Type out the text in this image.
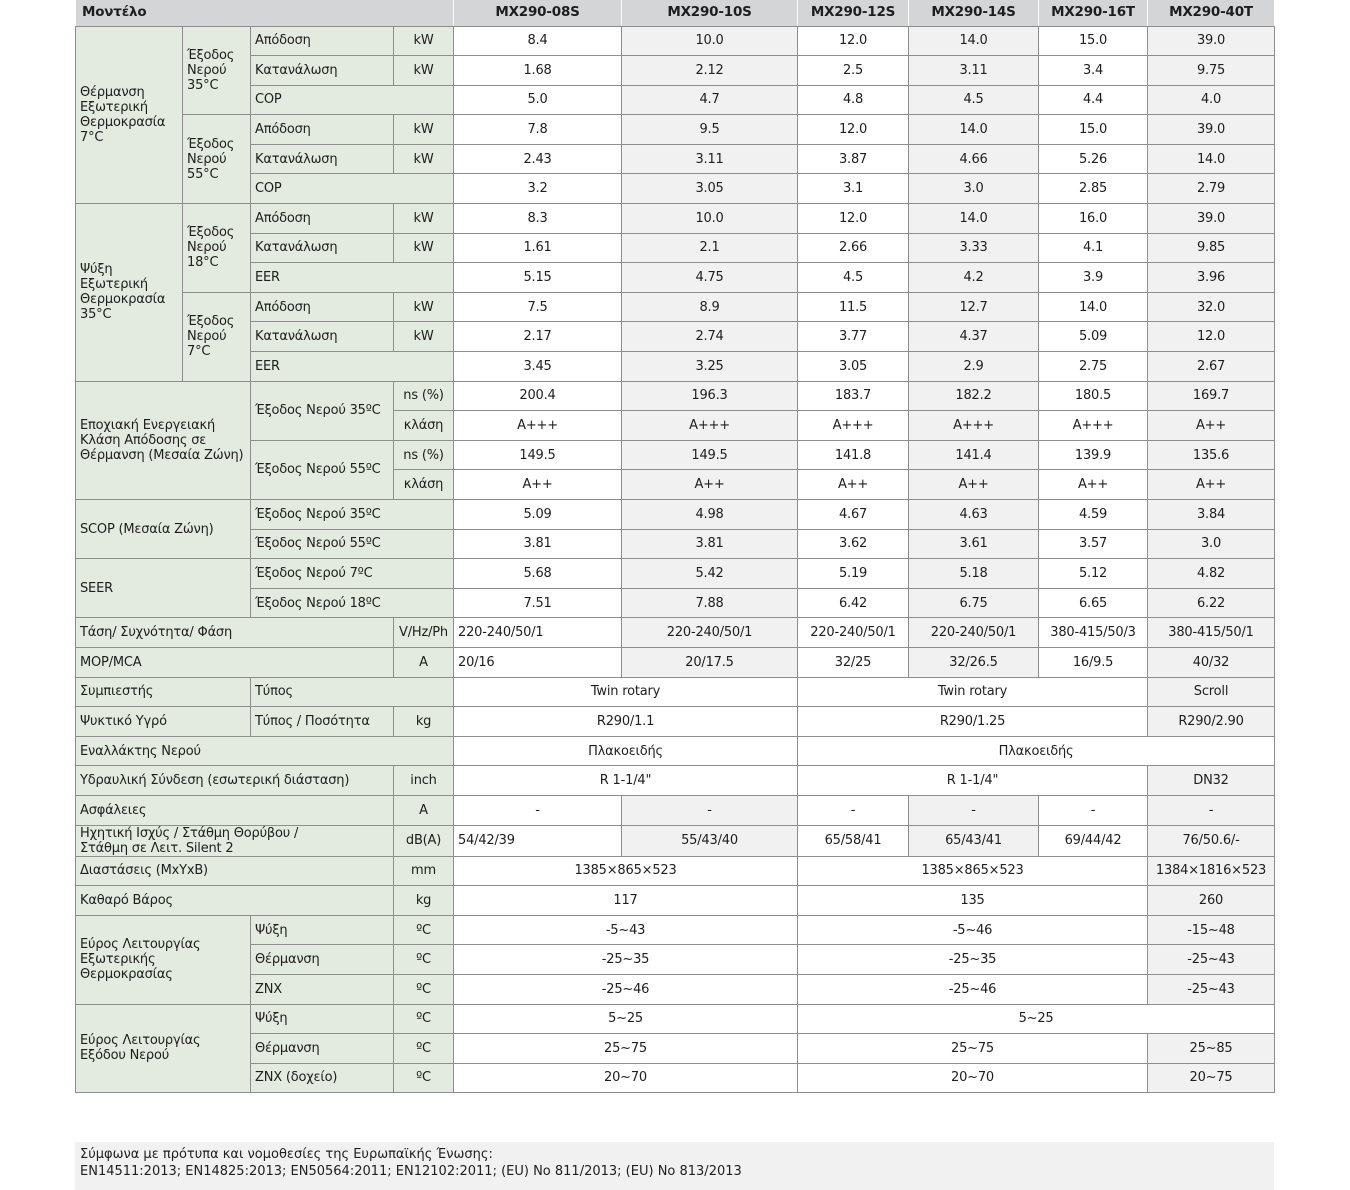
Μοντέλο				MX290-08S	MX290-10S	MX290-12S	MX290-14S	MX290-16T	MX290-40T
Θέρμανση Εξωτερική Θερμοκρασία 7°C	Έξοδος Νερού 35°C	Απόδοση	kW	8.4	10.0	12.0	14.0	15.0	39.0
		Κατανάλωση	kW	1.68	2.12	2.5	3.11	3.4	9.75
		COP		5.0	4.7	4.8	4.5	4.4	4.0
	Έξοδος Νερού 55°C	Απόδοση	kW	7.8	9.5	12.0	14.0	15.0	39.0
		Κατανάλωση	kW	2.43	3.11	3.87	4.66	5.26	14.0
		COP		3.2	3.05	3.1	3.0	2.85	2.79
Ψύξη Εξωτερική Θερμοκρασία 35°C	Έξοδος Νερού 18°C	Απόδοση	kW	8.3	10.0	12.0	14.0	16.0	39.0
		Κατανάλωση	kW	1.61	2.1	2.66	3.33	4.1	9.85
		EER		5.15	4.75	4.5	4.2	3.9	3.96
	Έξοδος Νερού 7°C	Απόδοση	kW	7.5	8.9	11.5	12.7	14.0	32.0
		Κατανάλωση	kW	2.17	2.74	3.77	4.37	5.09	12.0
		EER		3.45	3.25	3.05	2.9	2.75	2.67
Εποχιακή Ενεργειακή Κλάση Απόδοσης σε Θέρμανση (Μεσαία Ζώνη)		Έξοδος Νερού 35ºC	ns (%)	200.4	196.3	183.7	182.2	180.5	169.7
			κλάση	A+++	A+++	A+++	A+++	A+++	A++
		Έξοδος Νερού 55ºC	ns (%)	149.5	149.5	141.8	141.4	139.9	135.6
			κλάση	A++	A++	A++	A++	A++	A++
SCOP (Μεσαία Ζώνη)		Έξοδος Νερού 35ºC		5.09	4.98	4.67	4.63	4.59	3.84
		Έξοδος Νερού 55ºC		3.81	3.81	3.62	3.61	3.57	3.0
SEER		Έξοδος Νερού 7ºC		5.68	5.42	5.19	5.18	5.12	4.82
		Έξοδος Νερού 18ºC		7.51	7.88	6.42	6.75	6.65	6.22
Τάση/ Συχνότητα/ Φάση			V/Hz/Ph	220-240/50/1	220-240/50/1	220-240/50/1	220-240/50/1	380-415/50/3	380-415/50/1
MOP/MCA			A	20/16	20/17.5	32/25	32/26.5	16/9.5	40/32
Συμπιεστής		Τύπος		Twin rotary		Twin rotary			Scroll
Ψυκτικό Υγρό		Τύπος / Ποσότητα	kg	R290/1.1		R290/1.25			R290/2.90
Εναλλάκτης Νερού				Πλακοειδής		Πλακοειδής			
Υδραυλική Σύνδεση (εσωτερική διάσταση)			inch	R 1-1/4"		R 1-1/4"			DN32
Ασφάλειες			A	-	-	-	-	-	-

Ηχητική Ισχύς / Στάθμη Θορύβου /
Στάθμη σε Λειτ. Silent 2			dB(A)	54/42/39	55/43/40	65/58/41	65/43/41	69/44/42	76/50.6/-
Διαστάσεις (ΜxΥxΒ)			mm	1385×865×523		1385×865×523			1384×1816×523
Καθαρό Βάρος			kg	117		135			260
Εύρος Λειτουργίας Εξωτερικής Θερμοκρασίας		Ψύξη	ºC	-5~43		-5~46			-15~48
		Θέρμανση	ºC	-25~35		-25~35			-25~43
		ZNX	ºC	-25~46		-25~46			-25~43
Εύρος Λειτουργίας Εξόδου Νερού		Ψύξη	ºC	5~25		5~25			
		Θέρμανση	ºC	25~75		25~75			25~85
		ZNX (δοχείο)	ºC	20~70		20~70			20~75
Σύμφωνα με πρότυπα και νομοθεσίες της Ευρωπαϊκής Ένωσης:
EN14511:2013; EN14825:2013; EN50564:2011; EN12102:2011; (EU) No 811/2013; (EU) No 813/2013
